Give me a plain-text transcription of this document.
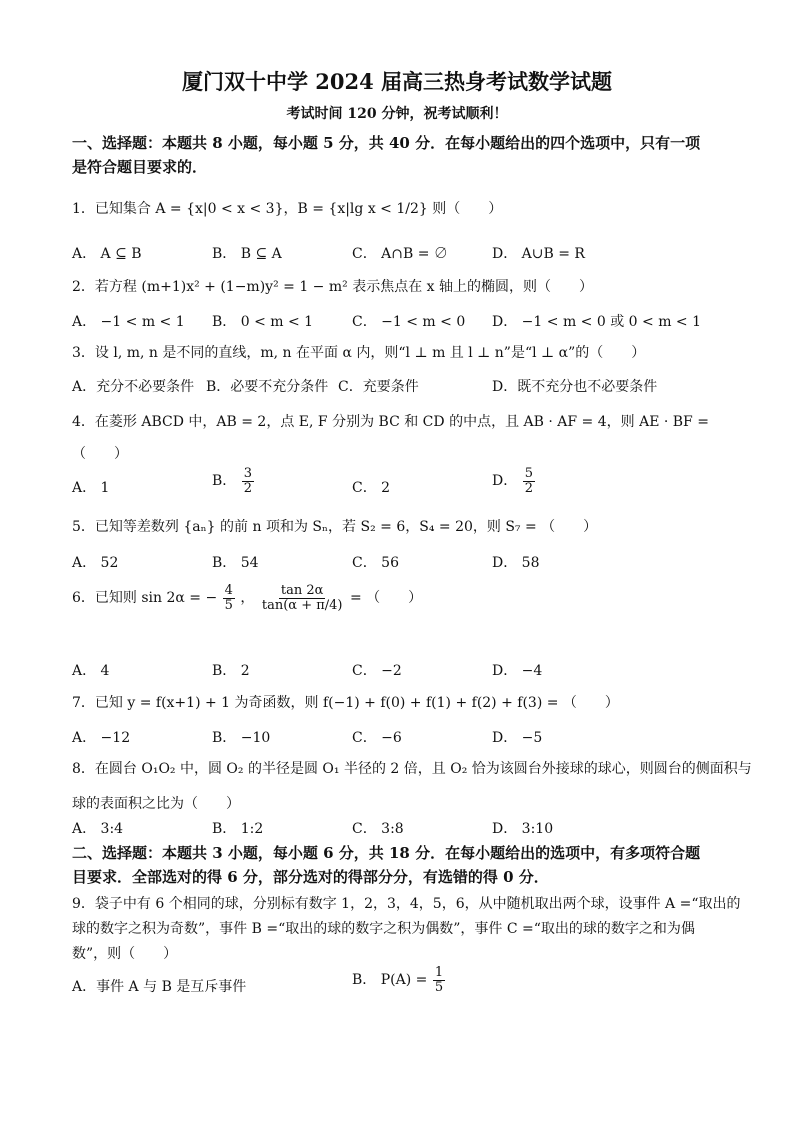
厦门双十中学 2024 届高三热身考试数学试题
考试时间 120 分钟，祝考试顺利！
一、选择题：本题共 8 小题，每小题 5 分，共 40 分．在每小题给出的四个选项中，只有一项
是符合题目要求的．
1．已知集合 A = {x|0 < x < 3}，B = {x|lg x < 1/2} 则（　　）
A． A ⊆ B	B． B ⊆ A	C． A∩B = ∅	D． A∪B = R
2．若方程 (m+1)x² + (1−m)y² = 1 − m² 表示焦点在 x 轴上的椭圆，则（　　）
A． −1 < m < 1 B． 0 < m < 1	C． −1 < m < 0 D． −1 < m < 0 或 0 < m < 1
3．设 l, m, n 是不同的直线，m, n 在平面 α 内，则“l ⊥ m 且 l ⊥ n”是“l ⊥ α”的（　　）
A．充分不必要条件 B．必要不充分条件 C．充要条件	D．既不充分也不必要条件
4．在菱形 ABCD 中，AB = 2，点 E, F 分别为 BC 和 CD 的中点，且 AB · AF = 4，则 AE · BF =
（　　）
A． 1	B． $\frac{3}{2}$	C． 2	D． $\frac{5}{2}$
5．已知等差数列 {aₙ} 的前 n 项和为 Sₙ，若 S₂ = 6，S₄ = 20，则 S₇ = （　　）
A． 52	B． 54	C． 56	D． 58
6．已知则 sin 2α = − $\frac{4}{5}$ ， $\frac{\tan 2\alpha}{\tan(\alpha + \pi/4)}$ = （　　）
A． 4	B． 2	C． −2	D． −4
7．已知 y = f(x+1) + 1 为奇函数，则 f(−1) + f(0) + f(1) + f(2) + f(3) = （　　）
A． −12	B． −10	C． −6	D． −5
8．在圆台 O₁O₂ 中，圆 O₂ 的半径是圆 O₁ 半径的 2 倍，且 O₂ 恰为该圆台外接球的球心，则圆台的侧面积与
球的表面积之比为（　　）
A． 3:4	B． 1:2	C． 3:8	D． 3:10
二、选择题：本题共 3 小题，每小题 6 分，共 18 分．在每小题给出的选项中，有多项符合题
目要求．全部选对的得 6 分，部分选对的得部分分，有选错的得 0 分．
9．袋子中有 6 个相同的球，分别标有数字 1，2，3，4，5，6，从中随机取出两个球，设事件 A =“取出的
球的数字之积为奇数”，事件 B =“取出的球的数字之积为偶数”，事件 C =“取出的球的数字之和为偶
数”，则（　　）
A．事件 A 与 B 是互斥事件	B． $P(A) = \frac{1}{5}$
